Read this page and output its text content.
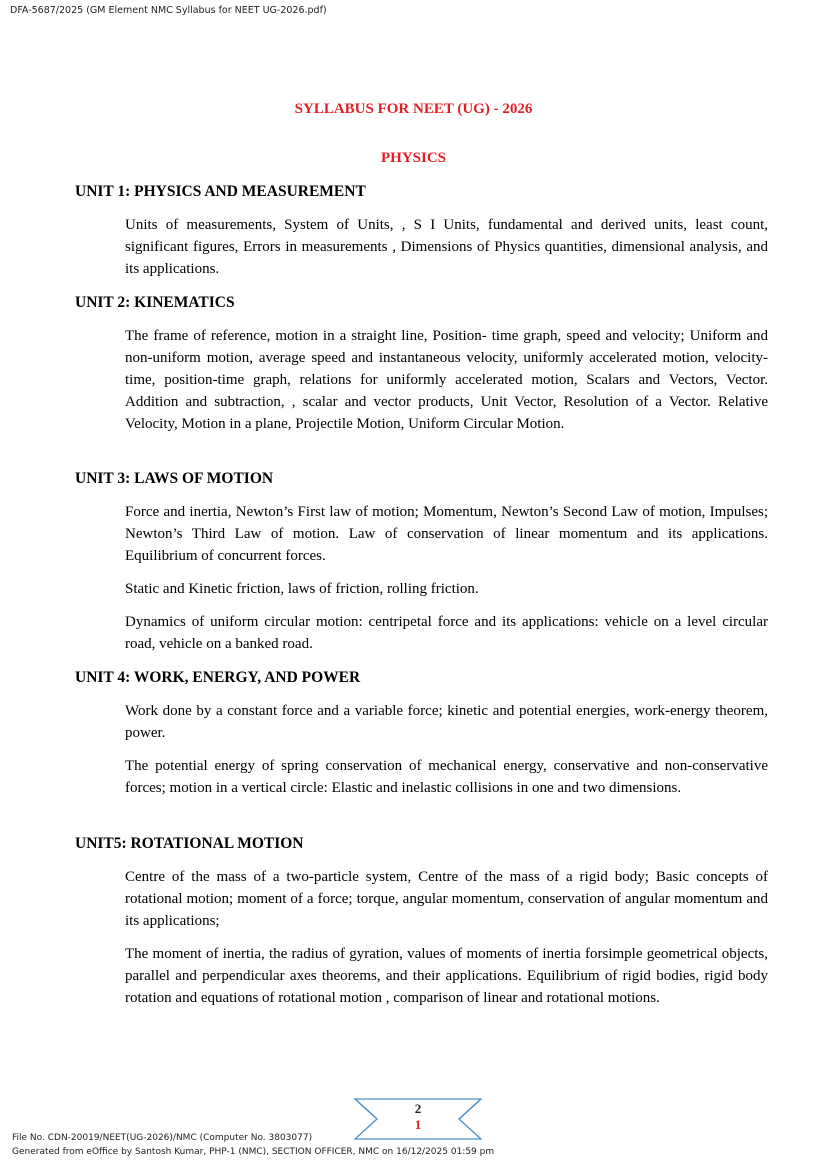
DFA-5687/2025 (GM Element NMC Syllabus for NEET UG-2026.pdf)
SYLLABUS FOR NEET (UG) - 2026
PHYSICS
UNIT 1: PHYSICS AND MEASUREMENT

Units of measurements, System of Units, , S I Units, fundamental and derived units, least count, significant figures, Errors in measurements , Dimensions of Physics quantities, dimensional analysis, and its applications.

UNIT 2: KINEMATICS

The frame of reference, motion in a straight line, Position- time graph, speed and velocity; Uniform and non-uniform motion, average speed and instantaneous velocity, uniformly accelerated motion, velocity-time, position-time graph, relations for uniformly accelerated motion, Scalars and Vectors, Vector. Addition and subtraction, , scalar and vector products, Unit Vector, Resolution of a Vector. Relative Velocity, Motion in a plane, Projectile Motion, Uniform Circular Motion.

UNIT 3: LAWS OF MOTION

Force and inertia, Newton’s First law of motion; Momentum, Newton’s Second Law of motion, Impulses; Newton’s Third Law of motion. Law of conservation of linear momentum and its applications. Equilibrium of concurrent forces.

Static and Kinetic friction, laws of friction, rolling friction.

Dynamics of uniform circular motion: centripetal force and its applications: vehicle on a level circular road, vehicle on a banked road.

UNIT 4: WORK, ENERGY, AND POWER

Work done by a constant force and a variable force; kinetic and potential energies, work-energy theorem, power.

The potential energy of spring conservation of mechanical energy, conservative and non-conservative forces; motion in a vertical circle: Elastic and inelastic collisions in one and two dimensions.

UNIT5: ROTATIONAL MOTION

Centre of the mass of a two-particle system, Centre of the mass of a rigid body; Basic concepts of rotational motion; moment of a force; torque, angular momentum, conservation of angular momentum and its applications;

The moment of inertia, the radius of gyration, values of moments of inertia forsimple geometrical objects, parallel and perpendicular axes theorems, and their applications. Equilibrium of rigid bodies, rigid body rotation and equations of rotational motion , comparison of linear and rotational motions.

2
1
File No. CDN-20019/NEET(UG-2026)/NMC (Computer No. 3803077)
Generated from eOffice by Santosh Kumar, PHP-1 (NMC), SECTION OFFICER, NMC on 16/12/2025 01:59 pm
